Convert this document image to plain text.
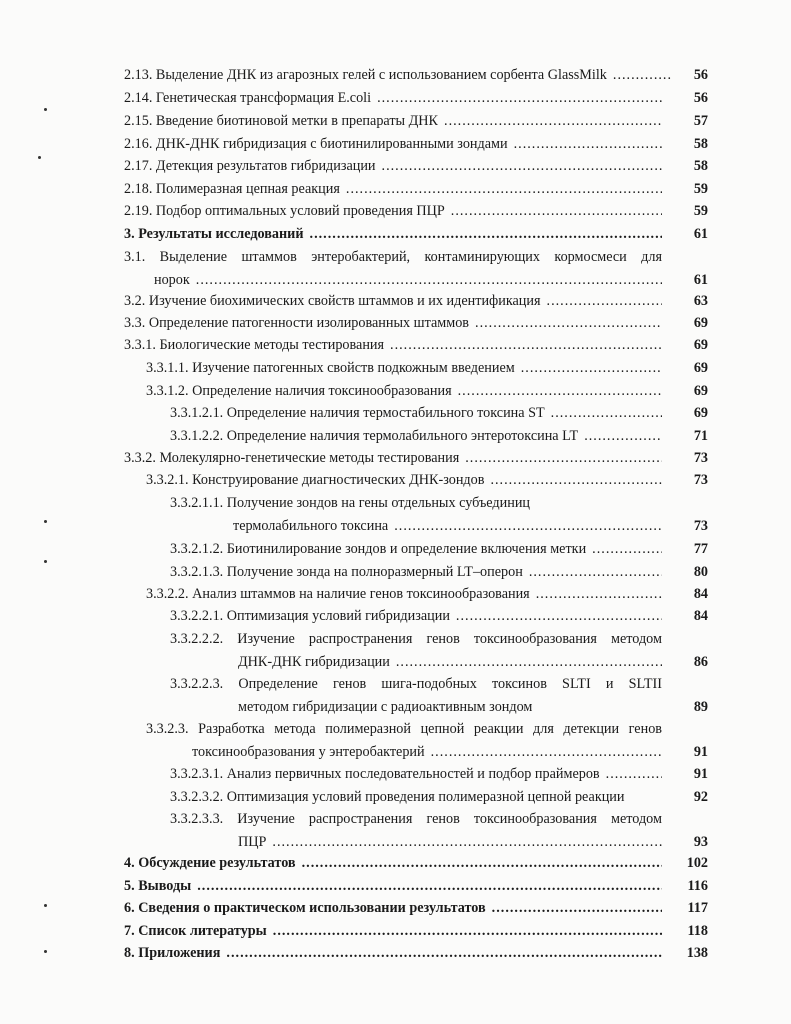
2.13. Выделение ДНК из агарозных гелей с использованием сорбента GlassMilk .....	56
2.14. Генетическая трансформация E.coli .....	56
2.15. Введение биотиновой метки в препараты ДНК .....	57
2.16. ДНК-ДНК гибридизация с биотинилированными зондами .....	58
2.17. Детекция результатов гибридизации .....	58
2.18. Полимеразная цепная реакция .....	59
2.19. Подбор оптимальных условий проведения ПЦР .....	59
3. Результаты исследований .....	61
3.1. Выделение штаммов энтеробактерий, контаминирующих кормосмеси для
норок .....	61
3.2. Изучение биохимических свойств штаммов и их идентификация .....	63
3.3. Определение патогенности изолированных штаммов .....	69
3.3.1. Биологические методы тестирования .....	69
3.3.1.1. Изучение патогенных свойств подкожным введением .....	69
3.3.1.2. Определение наличия токсинообразования .....	69
3.3.1.2.1. Определение наличия термостабильного токсина ST .....	69
3.3.1.2.2. Определение наличия термолабильного энтеротоксина LT .....	71
3.3.2. Молекулярно-генетические методы тестирования .....	73
3.3.2.1. Конструирование диагностических ДНК-зондов .....	73
3.3.2.1.1. Получение зондов на гены отдельных субъединиц
термолабильного токсина .....	73
3.3.2.1.2. Биотинилирование зондов и определение включения метки .....	77
3.3.2.1.3. Получение зонда на полноразмерный LT–оперон .....	80
3.3.2.2. Анализ штаммов на наличие генов токсинообразования .....	84
3.3.2.2.1. Оптимизация условий гибридизации .....	84
3.3.2.2.2. Изучение распространения генов токсинообразования методом
ДНК-ДНК гибридизации .....	86
3.3.2.2.3. Определение генов шига-подобных токсинов SLTI и SLTII
методом гибридизации с радиоактивным зондом	89
3.3.2.3. Разработка метода полимеразной цепной реакции для детекции генов
токсинообразования у энтеробактерий .....	91
3.3.2.3.1. Анализ первичных последовательностей и подбор праймеров .....	91
3.3.2.3.2. Оптимизация условий проведения полимеразной цепной реакции	92
3.3.2.3.3. Изучение распространения генов токсинообразования методом
ПЦР .....	93
4. Обсуждение результатов .....	102
5. Выводы .....	116
6. Сведения о практическом использовании результатов .....	117
7. Список литературы .....	118
8. Приложения .....	138
